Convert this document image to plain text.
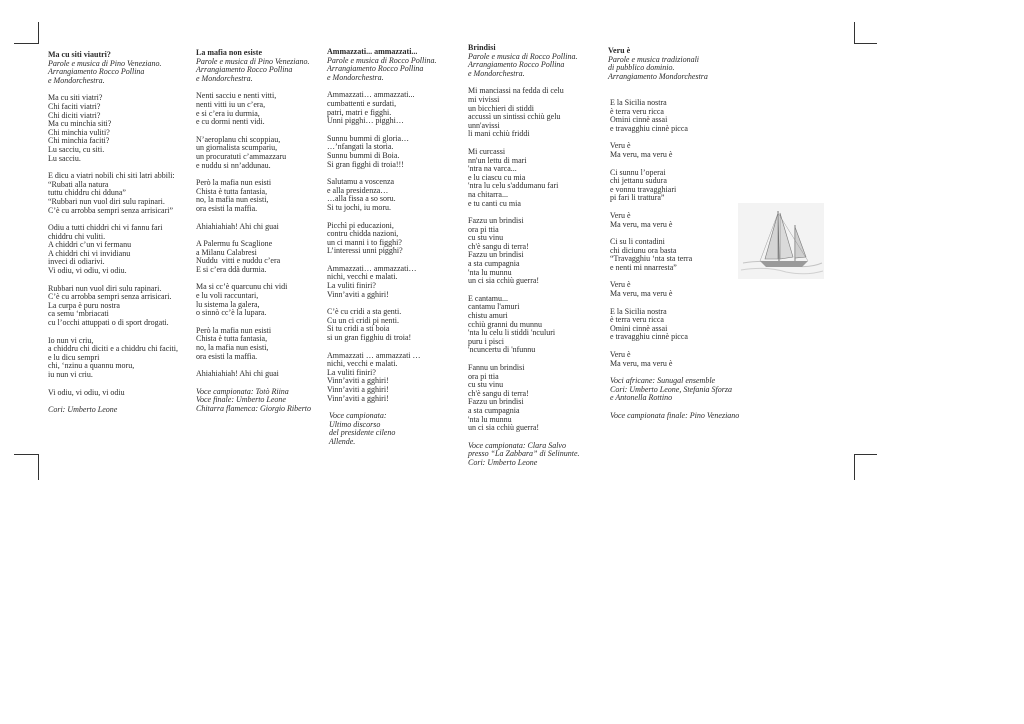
Ma cu siti viautri?
Parole e musica di Pino Veneziano.
Arrangiamento Rocco Pollina
e Mondorchestra.
Ma cu siti viatri?
Chi faciti viatri?
Chi diciti viatri?
Ma cu minchia siti?
Chi minchia vuliti?
Chi minchia faciti?
Lu sacciu, cu siti.
Lu sacciu.
E dicu a viatri nobili chi siti latri abbili:
“Rubati alla natura
tuttu chiddru chi dduna”
“Rubbari nun vuol diri sulu rapinari.
C’è cu arrobba sempri senza arrisicari”
Odiu a tutti chiddri chi vi fannu fari
chiddru chi vuliti.
A chiddri c’un vi fermanu
A chiddri chi vi invidianu
inveci di odiarivi.
Vi odiu, vi odiu, vi odiu.
Rubbari nun vuol diri sulu rapinari.
C’è cu arrobba sempri senza arrisicari.
La curpa è puru nostra
ca semu ‘mbriacati
cu l’occhi attuppati o di sport drogati.
Io nun vi criu,
a chiddru chi diciti e a chiddru chi faciti,
e lu dicu sempri
chi, ‘nzinu a quannu moru,
iu nun vi criu.
Vi odiu, vi odiu, vi odiu
Cori: Umberto Leone
La mafia non esiste
Parole e musica di Pino Veneziano.
Arrangiamento Rocco Pollina
e Mondorchestra.
Nenti sacciu e nenti vitti,
nenti vitti iu un c’era,
e si c’era iu durmia,
e cu dormi nenti vidi.
N’aeroplanu chi scoppiau,
un giornalista scumpariu,
un procuratuti c’ammazzaru
e nuddu si nn’addunau.
Però la mafia nun esisti
Chista è tutta fantasia,
no, la mafia nun esisti,
ora esisti la maffia.
Ahiahiahiah! Ahi chi guai
A Palermu fu Scaglione
a Milanu Calabresi
Nuddu  vitti e nuddu c’era
E si c’era ddà durmia.
Ma si cc’è quarcunu chi vidi
e lu voli raccuntari,
lu sistema la galera,
o sinnò cc’è la lupara.
Però la mafia nun esisti
Chista è tutta fantasia,
no, la mafia nun esisti,
ora esisti la maffia.
Ahiahiahiah! Ahi chi guai
Voce campionata: Totò Riina
Voce finale: Umberto Leone
Chitarra flamenca: Giorgio Riberto
Ammazzati... ammazzati...
Parole e musica di Rocco Pollina.
Arrangiamento Rocco Pollina
e Mondorchestra.
Ammazzati… ammazzati...
cumbattenti e surdati,
patri, matri e figghi.
Unni pigghi… pigghi…
Sunnu bummi di gloria…
…’nfangati la storia.
Sunnu bummi di Boia.
Si gran figghi di troia!!!
Salutamu a voscenza
e alla presidenza…
…alla fissa a so soru.
Si tu jochi, iu moru.
Picchì pi educazioni,
contru chidda nazioni,
un ci manni i to figghi?
L’interessi unni pigghi?
Ammazzati… ammazzati…
nichi, vecchi e malati.
La vuliti finiri?
Vinn’aviti a gghiri!
C’è cu cridi a sta genti.
Cu un ci cridi pi nenti.
Si tu cridi a sti boia
si un gran figghiu di troia!
Ammazzati … ammazzati …
nichi, vecchi e malati.
La vuliti finiri?
Vinn’aviti a gghiri!
Vinn’aviti a gghiri!
Vinn’aviti a gghiri!
Voce campionata:
Ultimo discorso
del presidente cileno
Allende.
Brindisi
Parole e musica di Rocco Pollina.
Arrangiamento Rocco Pollina
e Mondorchestra.
Mi manciassi na fedda di celu
mi vivissi
un bicchieri di stiddi
accussì un sintissi cchiù gelu
unn'avissi
li mani cchiù friddi
Mi curcassi
nn'un lettu di mari
'ntra na varca...
e lu ciascu cu mia
'ntra lu celu s'addumanu fari
na chitarra...
e tu canti cu mia
Fazzu un brindisi
ora pi ttia
cu stu vinu
ch'è sangu di terra!
Fazzu un brindisi
a sta cumpagnia
'nta lu munnu
un ci sia cchiù guerra!
E cantamu...
cantamu l'amuri
chistu amuri
cchiù granni du munnu
'nta lu celu li stiddi 'nculuri
puru i pisci
'ncuncertu di 'nfunnu
Fannu un brindisi
ora pi ttia
cu stu vinu
ch'è sangu di terra!
Fazzu un brindisi
a sta cumpagnia
'nta lu munnu
un ci sia cchiù guerra!
Voce campionata: Clara Salvo
presso “La Zabbara” di Selinunte.
Cori: Umberto Leone
Veru è
Parole e musica tradizionali
di pubblico dominio.
Arrangiamento Mondorchestra

E la Sicilia nostra
è terra veru ricca
Omini cinnè assai
e travagghiu cinnè picca
Veru è
Ma veru, ma veru è
Ci sunnu l’operai
chi jettanu sudura
e vonnu travagghiari
pi fari li trattura”
Veru è
Ma veru, ma veru è
Ci su li contadini
chi diciunu ora basta
“Travagghiu ‘nta sta terra
e nenti mi nnarresta”
Veru è
Ma veru, ma veru è
E la Sicilia nostra
è terra veru ricca
Omini cinnè assai
e travagghiu cinnè picca
Veru è
Ma veru, ma veru è
Voci africane: Sunugal ensemble
Cori: Umberto Leone, Stefania Sforza
e Antonella Rottino

Voce campionata finale: Pino Veneziano
